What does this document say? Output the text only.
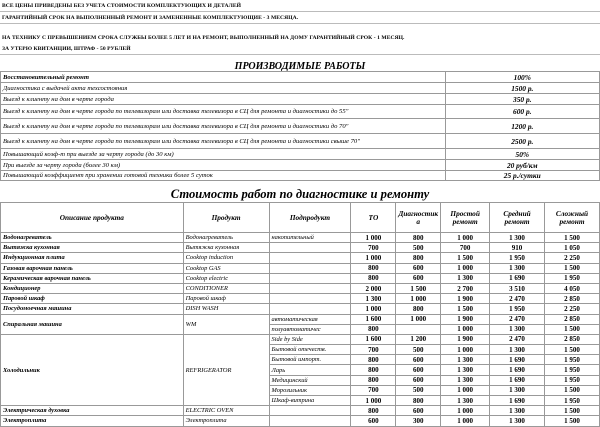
ВСЕ ЦЕНЫ ПРИВЕДЕНЫ БЕЗ УЧЕТА СТОИМОСТИ КОМПЛЕКТУЮЩИХ И ДЕТАЛЕЙ
ГАРАНТИЙНЫЙ СРОК НА ВЫПОЛНЕННЫЙ РЕМОНТ И ЗАМЕНЕННЫЕ КОМПЛЕКТУЮЩИЕ - 3 МЕСЯЦА.
НА ТЕХНИКУ С ПРЕВЫШЕНИЕМ СРОКА СЛУЖБЫ БОЛЕЕ 5 ЛЕТ И НА РЕМОНТ, ВЫПОЛНЕННЫЙ НА ДОМУ ГАРАНТИЙНЫЙ СРОК - 1 МЕСЯЦ.
ЗА УТЕРЮ КВИТАНЦИИ, ШТРАФ - 50 РУБЛЕЙ
ПРОИЗВОДИМЫЕ РАБОТЫ
Восстановительный ремонт	100%
Диагностика с выдачей акта техсостояния	1500 р.
Выезд к клиенту на дом в черте города	350 р.
Выезд к клиенту на дом в черте города по телевизорам или доставка телевизора в СЦ для ремонта и диагностики до 55"	600 р.
Выезд к клиенту на дом в черте города по телевизорам или доставка телевизора в СЦ для ремонта и диагностики до 70"	1200 р.
Выезд к клиенту на дом в черте города по телевизорам или доставка телевизора в СЦ для ремонта и диагностики свыше 70"	2500 р.
Повышающий коэф-т при выезде за черту города (до 30 км)	50%
При выезде за черту города (более 30 км)	20 руб/км
Повышающий коэффициент при хранении готовой техники более 5 суток	25 р./сутки
Стоимость работ по диагностике и ремонту
Описание продукта	Продукт	Подпродукт	ТО	Диагностика	Простой ремонт	Средний ремонт	Сложный ремонт
Водонагреватель	Водонагреватель	накопительный	1 000	800	1 000	1 300	1 500
Вытяжка кухонная	Вытяжка кухонная		700	500	700	910	1 050
Индукционная плита	Cooktop induction		1 000	800	1 500	1 950	2 250
Газовая варочная панель	Cooktop GAS		800	600	1 000	1 300	1 500
Керамическая варочная панель	Cooktop electric		800	600	1 300	1 690	1 950
Кондиционер	CONDITIONER		2 000	1 500	2 700	3 510	4 050
Паровой шкаф	Паровой шкаф		1 300	1 000	1 900	2 470	2 850
Посудомоечная машина	DISH WASH		1 000	800	1 500	1 950	2 250
Спиральная машина	WM	автоматическая	1 600	1 000	1 900	2 470	2 850
		полуавтоматичес	800		1 000	1 300	1 500
Холодильник	REFRIGERATOR	Side by Side	1 600	1 200	1 900	2 470	2 850
		Бытовой отечеств.	700	500	1 000	1 300	1 500
		Бытовой импорт.	800	600	1 300	1 690	1 950
		Ларь	800	600	1 300	1 690	1 950
		Медицинский	800	600	1 300	1 690	1 950
		Морозильник	700	500	1 000	1 300	1 500
		Шкаф-витрина	1 000	800	1 300	1 690	1 950
Электрическая духовка	ELECTRIC OVEN		800	600	1 000	1 300	1 500
Электроплита	Электроплита		600	300	1 000	1 300	1 500
